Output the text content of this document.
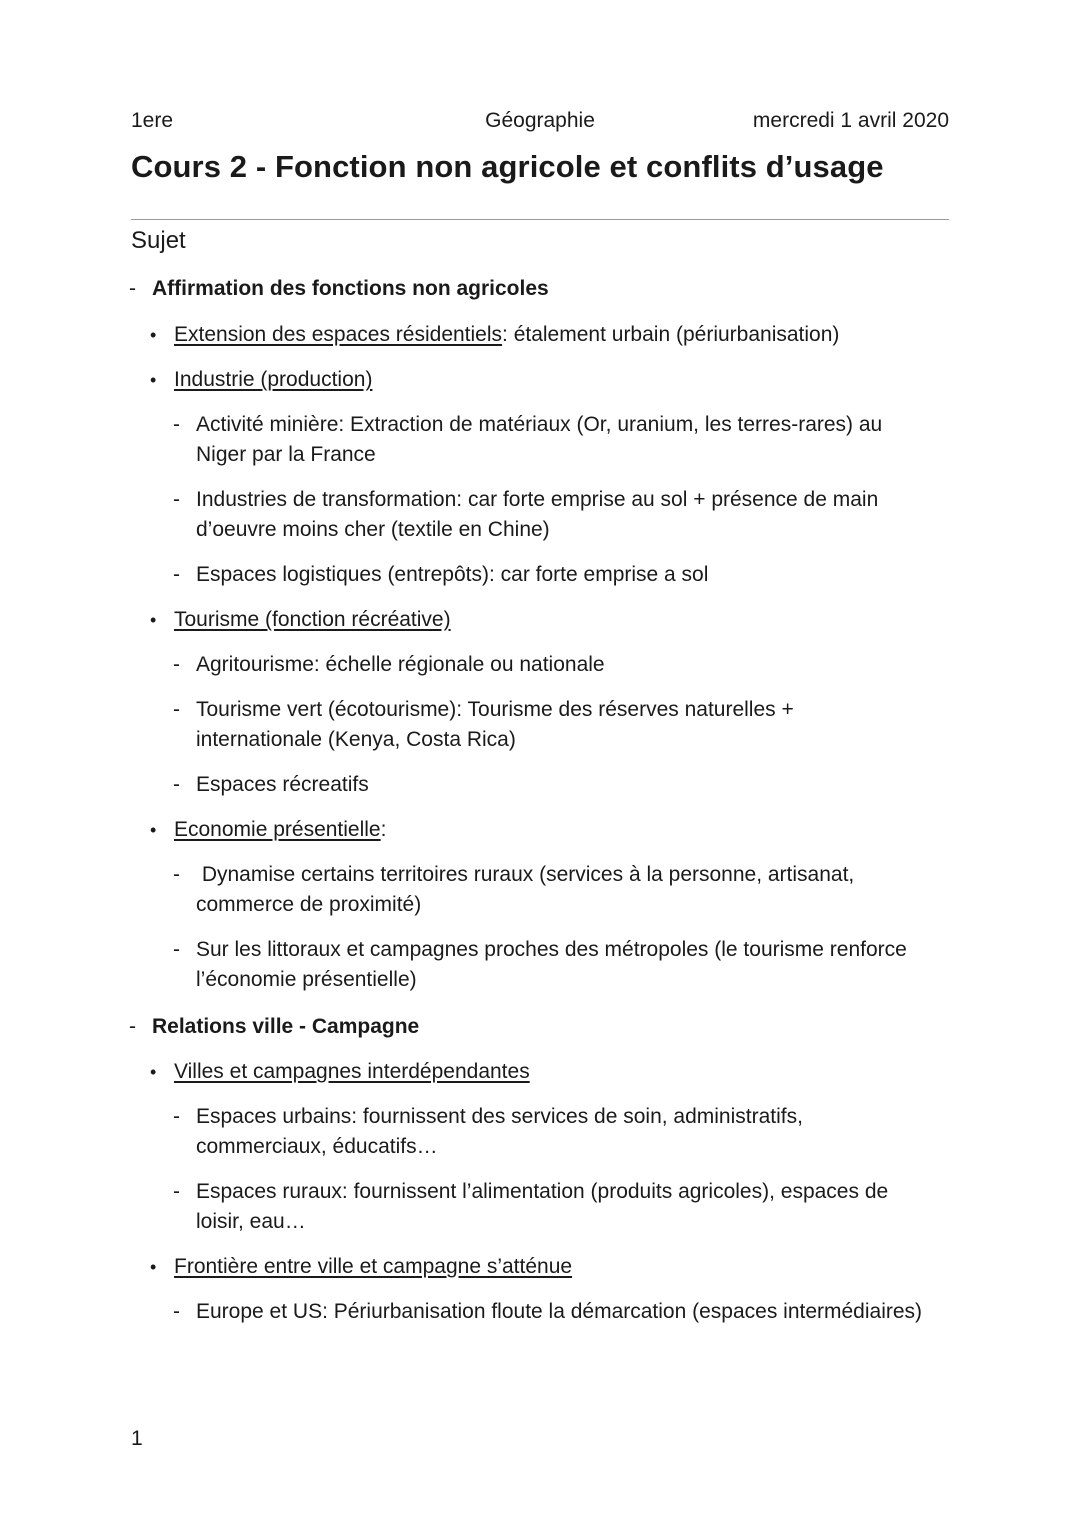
1ere	Géographie	mercredi 1 avril 2020
Cours 2 - Fonction non agricole et conflits d’usage
Sujet
- Affirmation des fonctions non agricoles
• Extension des espaces résidentiels: étalement urbain (périurbanisation)
• Industrie (production)
- Activité minière: Extraction de matériaux (Or, uranium, les terres-rares) au
Niger par la France
- Industries de transformation: car forte emprise au sol + présence de main
d’oeuvre moins cher (textile en Chine)
- Espaces logistiques (entrepôts): car forte emprise a sol
• Tourisme (fonction récréative)
- Agritourisme: échelle régionale ou nationale
- Tourisme vert (écotourisme): Tourisme des réserves naturelles +
internationale (Kenya, Costa Rica)
- Espaces récreatifs
• Economie présentielle:
- Dynamise certains territoires ruraux (services à la personne, artisanat,
commerce de proximité)
- Sur les littoraux et campagnes proches des métropoles (le tourisme renforce
l’économie présentielle)
- Relations ville - Campagne
• Villes et campagnes interdépendantes
- Espaces urbains: fournissent des services de soin, administratifs,
commerciaux, éducatifs…
- Espaces ruraux: fournissent l’alimentation (produits agricoles), espaces de
loisir, eau…
• Frontière entre ville et campagne s’atténue
- Europe et US: Périurbanisation floute la démarcation (espaces intermédiaires)
1
